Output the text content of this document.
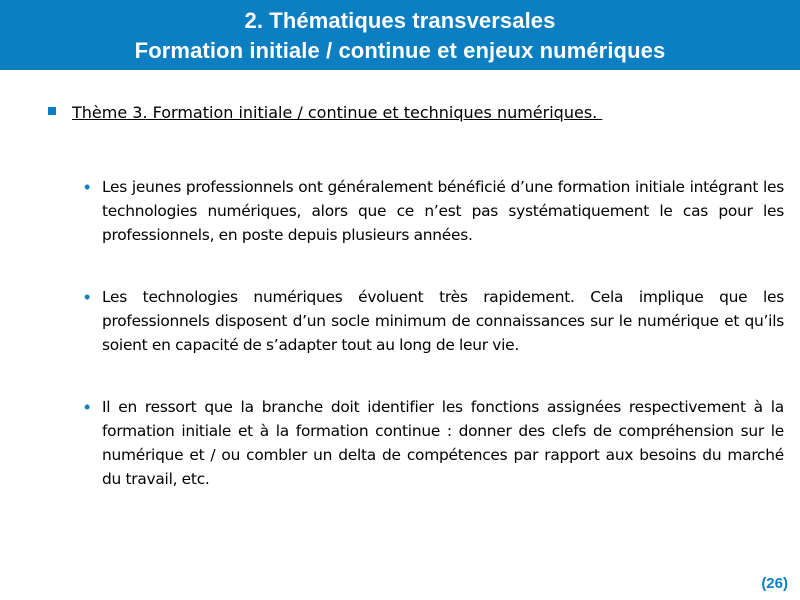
2. Thématiques transversales
Formation initiale / continue et enjeux numériques
Thème 3. Formation initiale / continue et techniques numériques.
• Les jeunes professionnels ont généralement bénéficié d’une formation initiale intégrant les technologies numériques, alors que ce n’est pas systématiquement le cas pour les professionnels, en poste depuis plusieurs années.
• Les technologies numériques évoluent très rapidement. Cela implique que les professionnels disposent d’un socle minimum de connaissances sur le numérique et qu’ils soient en capacité de s’adapter tout au long de leur vie.
• Il en ressort que la branche doit identifier les fonctions assignées respectivement à la formation initiale et à la formation continue : donner des clefs de compréhension sur le numérique et / ou combler un delta de compétences par rapport aux besoins du marché du travail, etc.
(26)
